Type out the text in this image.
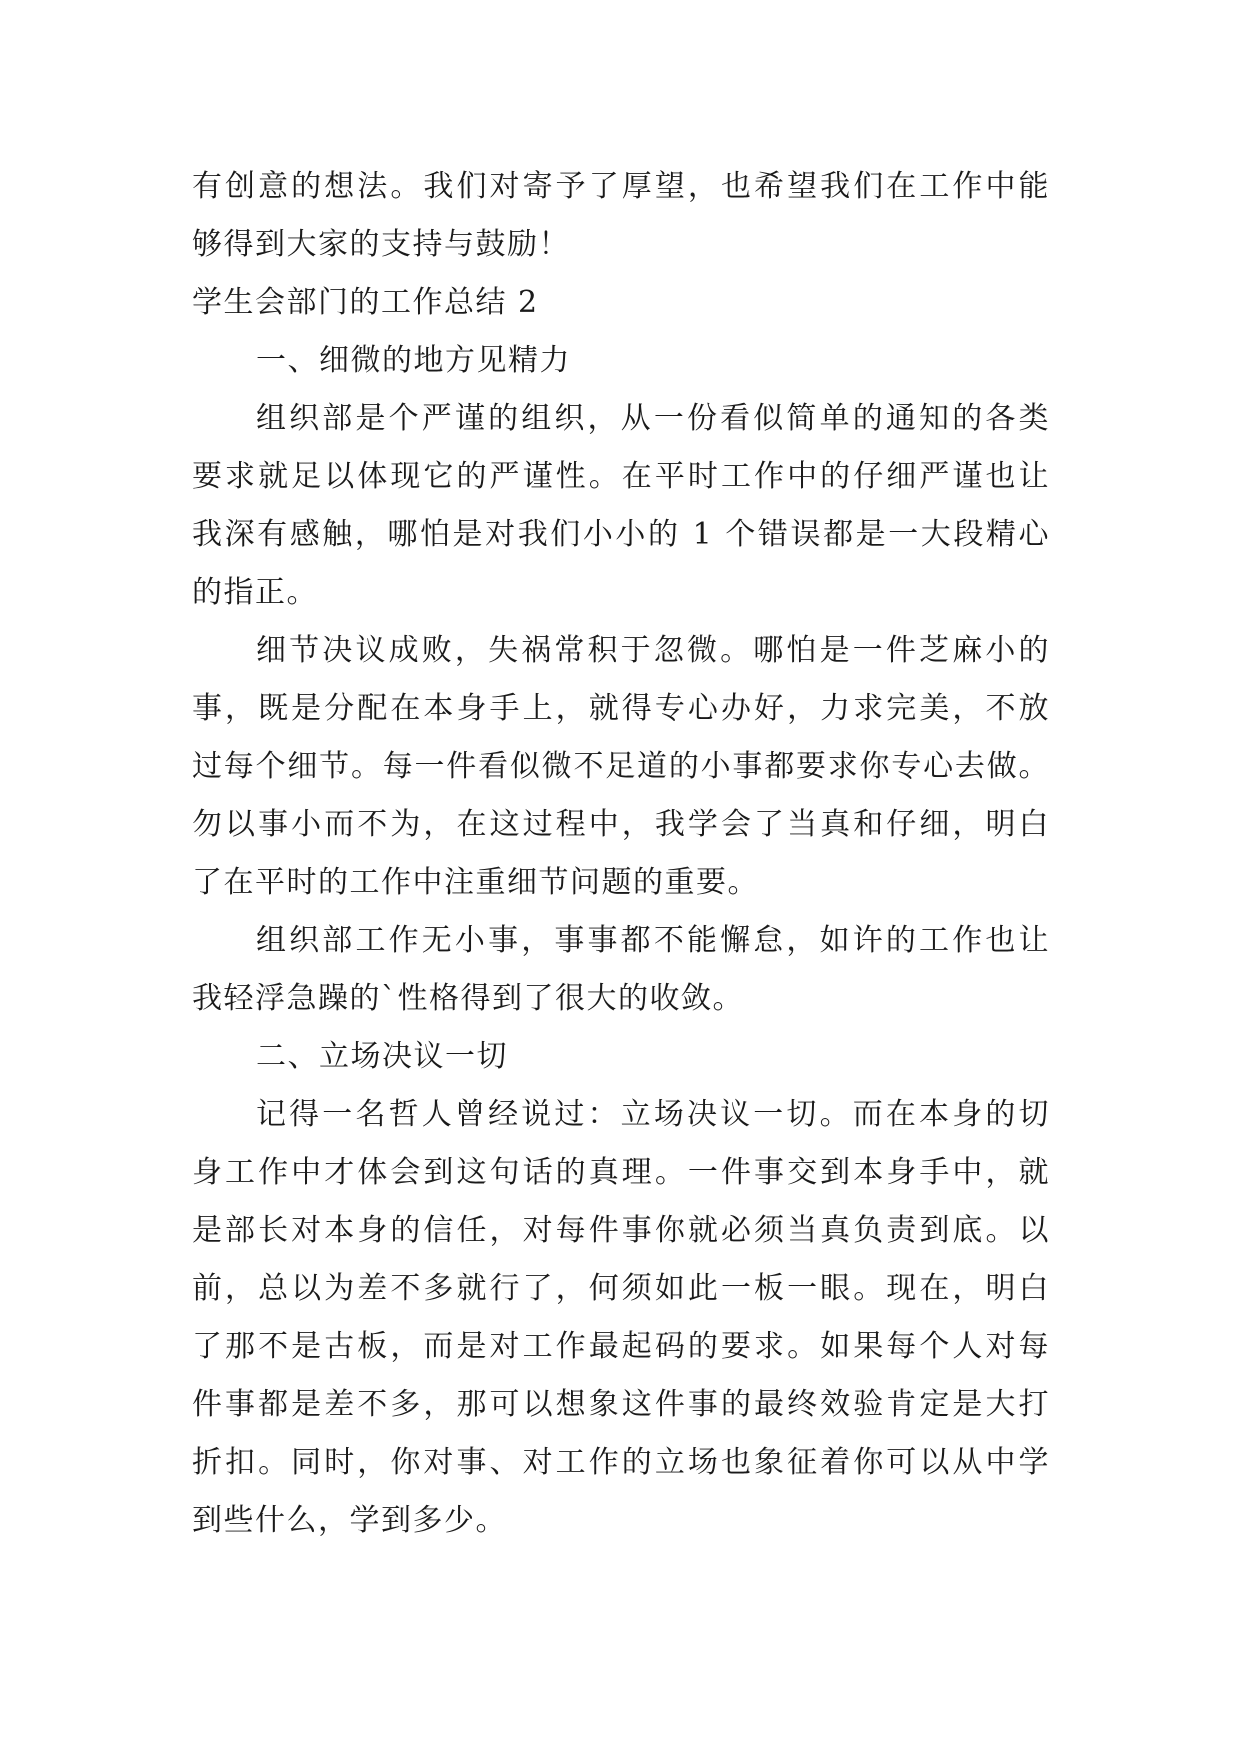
有创意的想法。我们对寄予了厚望，也希望我们在工作中能
够得到大家的支持与鼓励！
学生会部门的工作总结 2
一、细微的地方见精力
组织部是个严谨的组织，从一份看似简单的通知的各类
要求就足以体现它的严谨性。在平时工作中的仔细严谨也让
我深有感触，哪怕是对我们小小的 1 个错误都是一大段精心
的指正。
细节决议成败，失祸常积于忽微。哪怕是一件芝麻小的
事，既是分配在本身手上，就得专心办好，力求完美，不放
过每个细节。每一件看似微不足道的小事都要求你专心去做。
勿以事小而不为，在这过程中，我学会了当真和仔细，明白
了在平时的工作中注重细节问题的重要。
组织部工作无小事，事事都不能懈怠，如许的工作也让
我轻浮急躁的`性格得到了很大的收敛。
二、立场决议一切
记得一名哲人曾经说过：立场决议一切。而在本身的切
身工作中才体会到这句话的真理。一件事交到本身手中，就
是部长对本身的信任，对每件事你就必须当真负责到底。以
前，总以为差不多就行了，何须如此一板一眼。现在，明白
了那不是古板，而是对工作最起码的要求。如果每个人对每
件事都是差不多，那可以想象这件事的最终效验肯定是大打
折扣。同时，你对事、对工作的立场也象征着你可以从中学
到些什么，学到多少。
